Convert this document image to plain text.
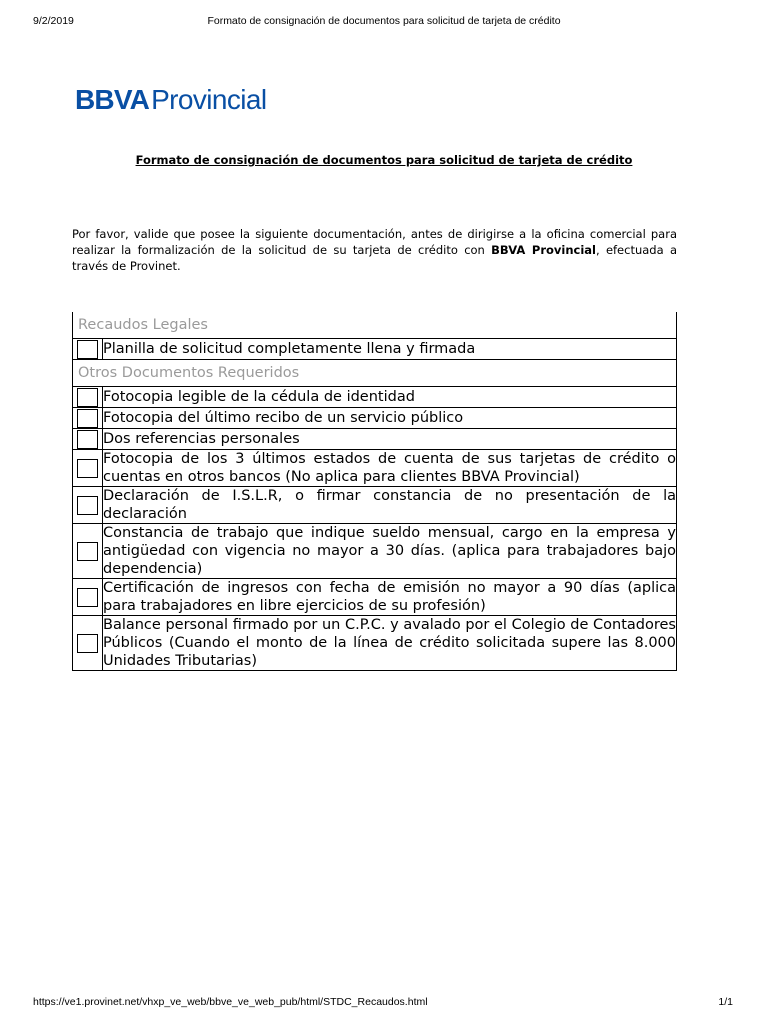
9/2/2019	Formato de consignación de documentos para solicitud de tarjeta de crédito
BBVAProvincial
Formato de consignación de documentos para solicitud de tarjeta de crédito
Por favor, valide que posee la siguiente documentación, antes de dirigirse a la oficina comercial para realizar la formalización de la solicitud de su tarjeta de crédito con BBVA Provincial, efectuada a través de Provinet.
Recaudos Legales	
	Planilla de solicitud completamente llena y firmada
Otros Documentos Requeridos	
	Fotocopia legible de la cédula de identidad
	Fotocopia del último recibo de un servicio público
	Dos referencias personales
	Fotocopia de los 3 últimos estados de cuenta de sus tarjetas de crédito o cuentas en otros bancos (No aplica para clientes BBVA Provincial)
	Declaración de I.S.L.R, o firmar constancia de no presentación de la declaración
	Constancia de trabajo que indique sueldo mensual, cargo en la empresa y antigüedad con vigencia no mayor a 30 días. (aplica para trabajadores bajo dependencia)
	Certificación de ingresos con fecha de emisión no mayor a 90 días (aplica para trabajadores en libre ejercicios de su profesión)
	Balance personal firmado por un C.P.C. y avalado por el Colegio de Contadores Públicos (Cuando el monto de la línea de crédito solicitada supere las 8.000 Unidades Tributarias)
https://ve1.provinet.net/vhxp_ve_web/bbve_ve_web_pub/html/STDC_Recaudos.html	1/1
